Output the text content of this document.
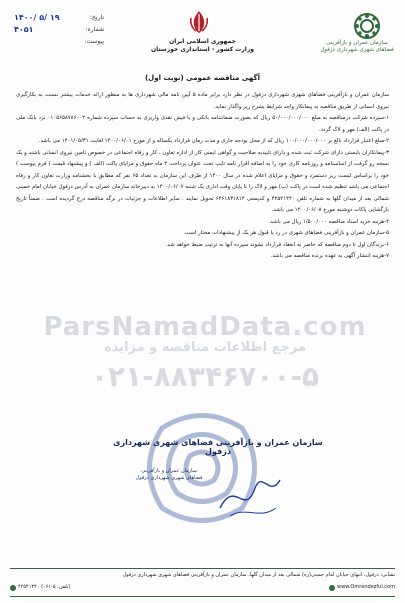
سازمان عمران و بازآفرینی فضاهای شهری شهرداری دزفول
جمهوری اسلامی ایران
وزارت کشور - استانداری خوزستان
تاریخ:
۱۴۰۰/ ۵/ ۱۹
شماره:
۴۰۵۱
پیوست:
آگهی مناقصه عمومی (نوبت اول)

سازمان عمران و بازآفرینی فضاهای شهری شهرداری دزفول در نظر دارد برابر ماده ۵ آیین نامه مالی شهرداری ها به منظور ارائه خدمات بیشتر نسبت به بکارگیری نیروی انسانی از طریق مناقصه به پیمانکار واجد شرایط بشرح زیر واگذار نماید.

۱-سپرده شرکت درمناقصه به مبلغ ۵۰/۰۰۰/۰۰۰/۰۰۰ ریال که بصورت ضمانتنامه بانکی و یا فیش نقدی واریزی به حساب سپرده شماره ۰۱۰۵۶۵۸۷۸۶۰۰۲ نزد بانک ملی در پاکت (الف) مهر و لاک گردد.

۲-مبلغ اعتبار قرارداد بالغ بر ۱۰۰/۰۰۰/۰۰۰/۰۰۰ ریال که از محل بودجه جاری و مدت زمان قرارداد یکساله و از مورخ ۱۴۰۰/۰۶/۰۱ لغایت ۱۴۰۱/۰۵/۳۱ می باشد.

۳-پیمانکاران بایستی دارای شرکت ثبت شده و دارای تاییدیه صلاحیت و گواهی ایمنی کار از اداره تعاون ، کار و رفاه اجتماعی در خصوص تامین نیروی انسانی باشند و یک نسخه رو گرفت از اساسنامه و روزنامه کاری خود را به اضافه اقرار نامه تایپ تحت عنوان پرداخت ۲ ماه حقوق و مزایای پاکت (الف ) و پیشنهاد قیمت ( فرم پیوست ) خود را براساس لیست ریز دستمزد و حقوق و مزایای اعلام شده در سال ۱۴۰۰ از طرف این سازمان به تعداد ۶۵ نفر که مطابق با بخشنامه وزارت تعاون کار و رفاه اجتماعی می باشد تنظیم شده است در پاکت (ب) مهر و لاک را تا پایان وقت اداری یک شنبه ۱۴۰۰/۰۶/۰۷ به دبیرخانه سازمان عمران به آدرس دزفول خیابان امام خمینی شمالی بعد از میدان گلها به شماره تلفن ۴۲۵۴۱۴۴۰ و کدپستی ۶۴۶۱۸۳۱۸۱۴ تحویل نمایند . سایر اطلاعات و جزئیات در برگه مناقصه درج گردیده است . ضمناً تاریخ بازگشایی پاکات دوشنبه مورخ ۱۴۰۰/۰۶/۰۸ می باشد.

۴-هزینه خرید اسناد مناقصه ۱/۵۰۰/۰۰۰ ریال می باشد.

۵-سازمان عمران و بازآفرینی فضاهای شهری در رد یا قبول هر یک از پیشنهادات مختار است.

۶-برندگان اول تا دوم مناقصه که حاضر به انعقاد قرارداد نشوند سپرده آنها به ترتیب ضبط خواهد شد.

۷-هزینه انتشار آگهی به عهده برنده مناقصه می باشد.

ParsNamadData.com
مرجع اطلاعات مناقصه و مزایده
۰۲۱-۸۸۳۴۶۷۰۰-۵
سازمان عمران و بازآفرینی فضاهای شهری شهرداری دزفول
سازمان عمران و بازآفرینی فضاهای شهری شهرداری دزفول
نشانی: دزفول، انتهای خیابان امام خمینی(ره) شمالی بعد از میدان گلها، سازمان عمران و بازآفرینی فضاهای شهری شهرداری دزفول
تلفن: ۵-۰۶۱) ۴۲۵۴۱۴۴۰)	www.Omrandezful.com
